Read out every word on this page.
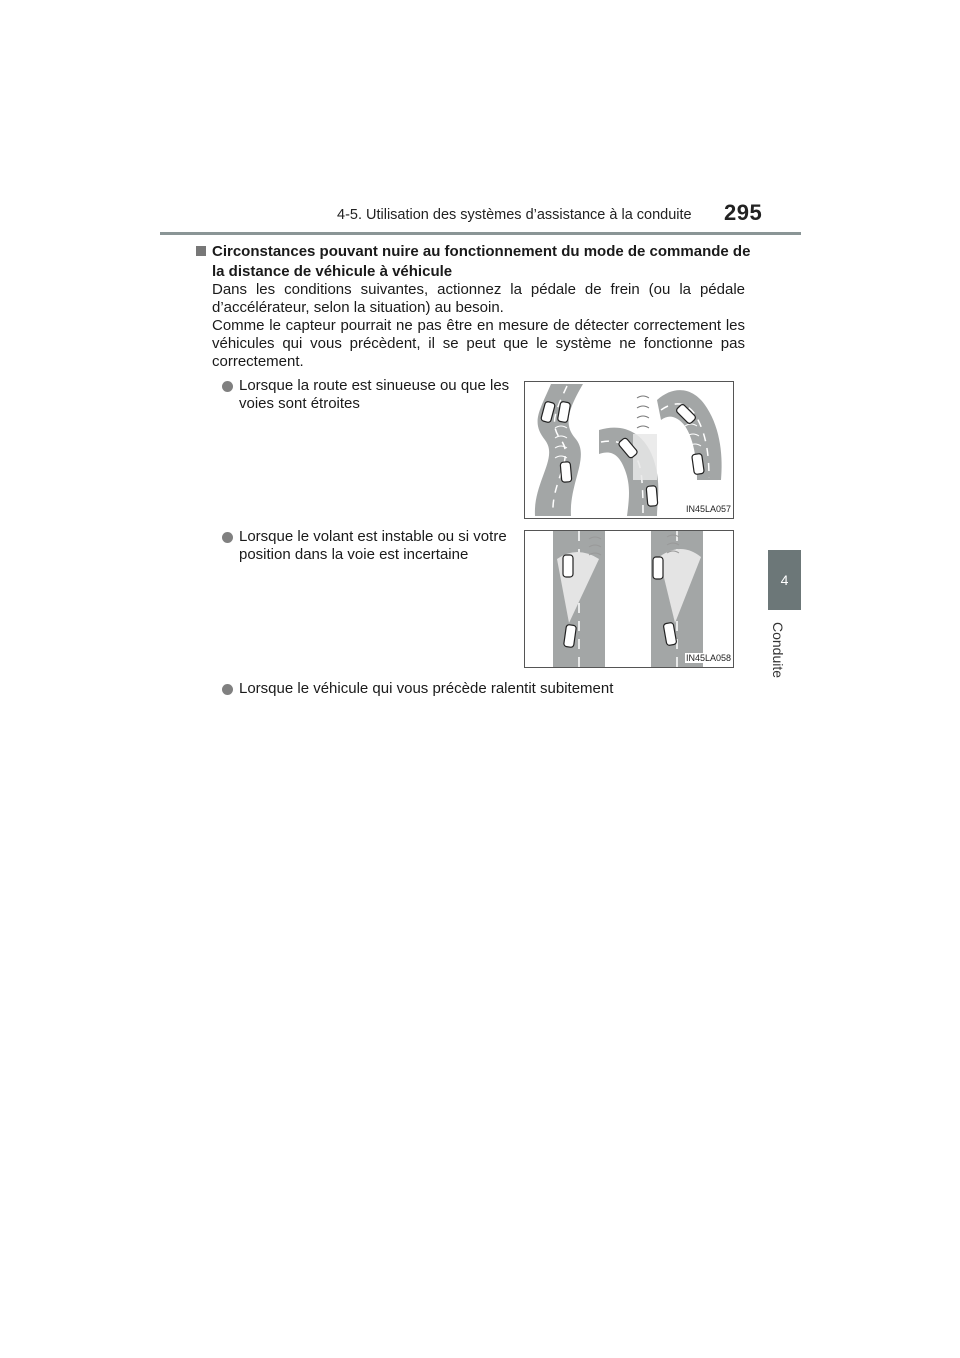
4-5. Utilisation des systèmes d’assistance à la conduite 295
4
Conduite
Circonstances pouvant nuire au fonctionnement du mode de commande de la distance de véhicule à véhicule

Dans les conditions suivantes, actionnez la pédale de frein (ou la pédale d’accélérateur, selon la situation) au besoin.

Comme le capteur pourrait ne pas être en mesure de détecter correctement les véhicules qui vous précèdent, il se peut que le système ne fonctionne pas correctement.

Lorsque la route est sinueuse ou que les voies sont étroites
IN45LA057
Lorsque le volant est instable ou si votre position dans la voie est incertaine
IN45LA058
Lorsque le véhicule qui vous précède ralentit subitement
